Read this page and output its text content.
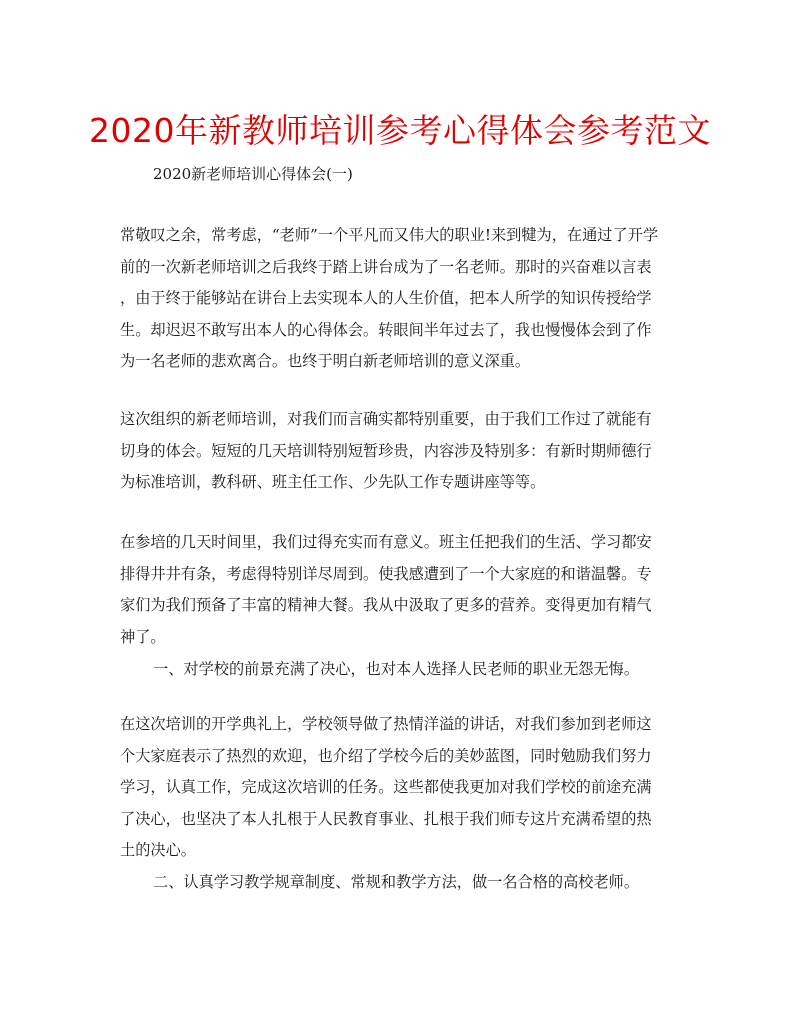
2020年新教师培训参考心得体会参考范文
2020新老师培训心得体会(一)
常敬叹之余，常考虑，“老师”一个平凡而又伟大的职业!来到犍为，在通过了开学
前的一次新老师培训之后我终于踏上讲台成为了一名老师。那时的兴奋难以言表
，由于终于能够站在讲台上去实现本人的人生价值，把本人所学的知识传授给学
生。却迟迟不敢写出本人的心得体会。转眼间半年过去了，我也慢慢体会到了作
为一名老师的悲欢离合。也终于明白新老师培训的意义深重。
这次组织的新老师培训，对我们而言确实都特别重要，由于我们工作过了就能有
切身的体会。短短的几天培训特别短暂珍贵，内容涉及特别多：有新时期师德行
为标准培训，教科研、班主任工作、少先队工作专题讲座等等。
在参培的几天时间里，我们过得充实而有意义。班主任把我们的生活、学习都安
排得井井有条，考虑得特别详尽周到。使我感遭到了一个大家庭的和谐温馨。专
家们为我们预备了丰富的精神大餐。我从中汲取了更多的营养。变得更加有精气
神了。
一、对学校的前景充满了决心，也对本人选择人民老师的职业无怨无悔。
在这次培训的开学典礼上，学校领导做了热情洋溢的讲话，对我们参加到老师这
个大家庭表示了热烈的欢迎，也介绍了学校今后的美妙蓝图，同时勉励我们努力
学习，认真工作，完成这次培训的任务。这些都使我更加对我们学校的前途充满
了决心，也坚决了本人扎根于人民教育事业、扎根于我们师专这片充满希望的热
土的决心。
二、认真学习教学规章制度、常规和教学方法，做一名合格的高校老师。
